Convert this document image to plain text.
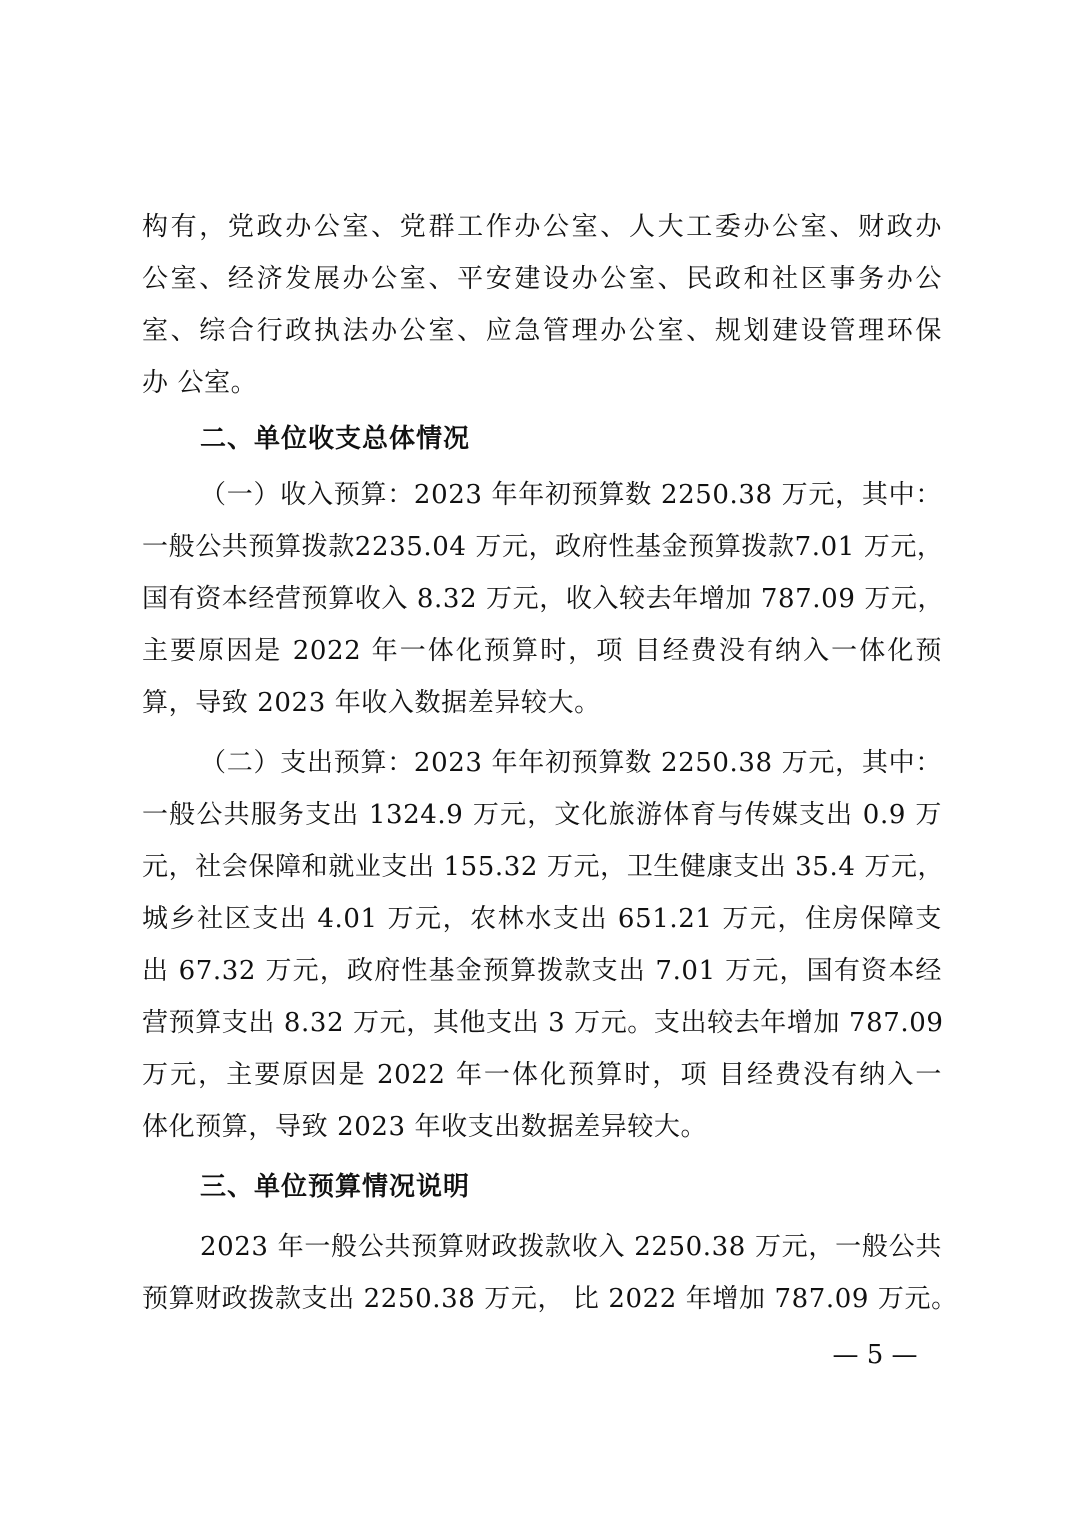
构有，党政办公室、党群工作办公室、人大工委办公室、财政办
公室、经济发展办公室、平安建设办公室、民政和社区事务办公
室、综合行政执法办公室、应急管理办公室、规划建设管理环保
办 公室。
二、单位收支总体情况
（一）收入预算：2023 年年初预算数 2250.38 万元，其中：
一般公共预算拨款2235.04 万元，政府性基金预算拨款7.01 万元，
国有资本经营预算收入 8.32 万元，收入较去年增加 787.09 万元，
主要原因是 2022 年一体化预算时，项 目经费没有纳入一体化预
算，导致 2023 年收入数据差异较大。
（二）支出预算：2023 年年初预算数 2250.38 万元，其中：
一般公共服务支出 1324.9 万元，文化旅游体育与传媒支出 0.9 万
元，社会保障和就业支出 155.32 万元，卫生健康支出 35.4 万元，
城乡社区支出 4.01 万元，农林水支出 651.21 万元，住房保障支
出 67.32 万元，政府性基金预算拨款支出 7.01 万元，国有资本经
营预算支出 8.32 万元，其他支出 3 万元。支出较去年增加 787.09
万元，主要原因是 2022 年一体化预算时，项 目经费没有纳入一
体化预算，导致 2023 年收支出数据差异较大。
三、单位预算情况说明
2023 年一般公共预算财政拨款收入 2250.38 万元，一般公共
预算财政拨款支出 2250.38 万元， 比 2022 年增加 787.09 万元。
— 5 —
